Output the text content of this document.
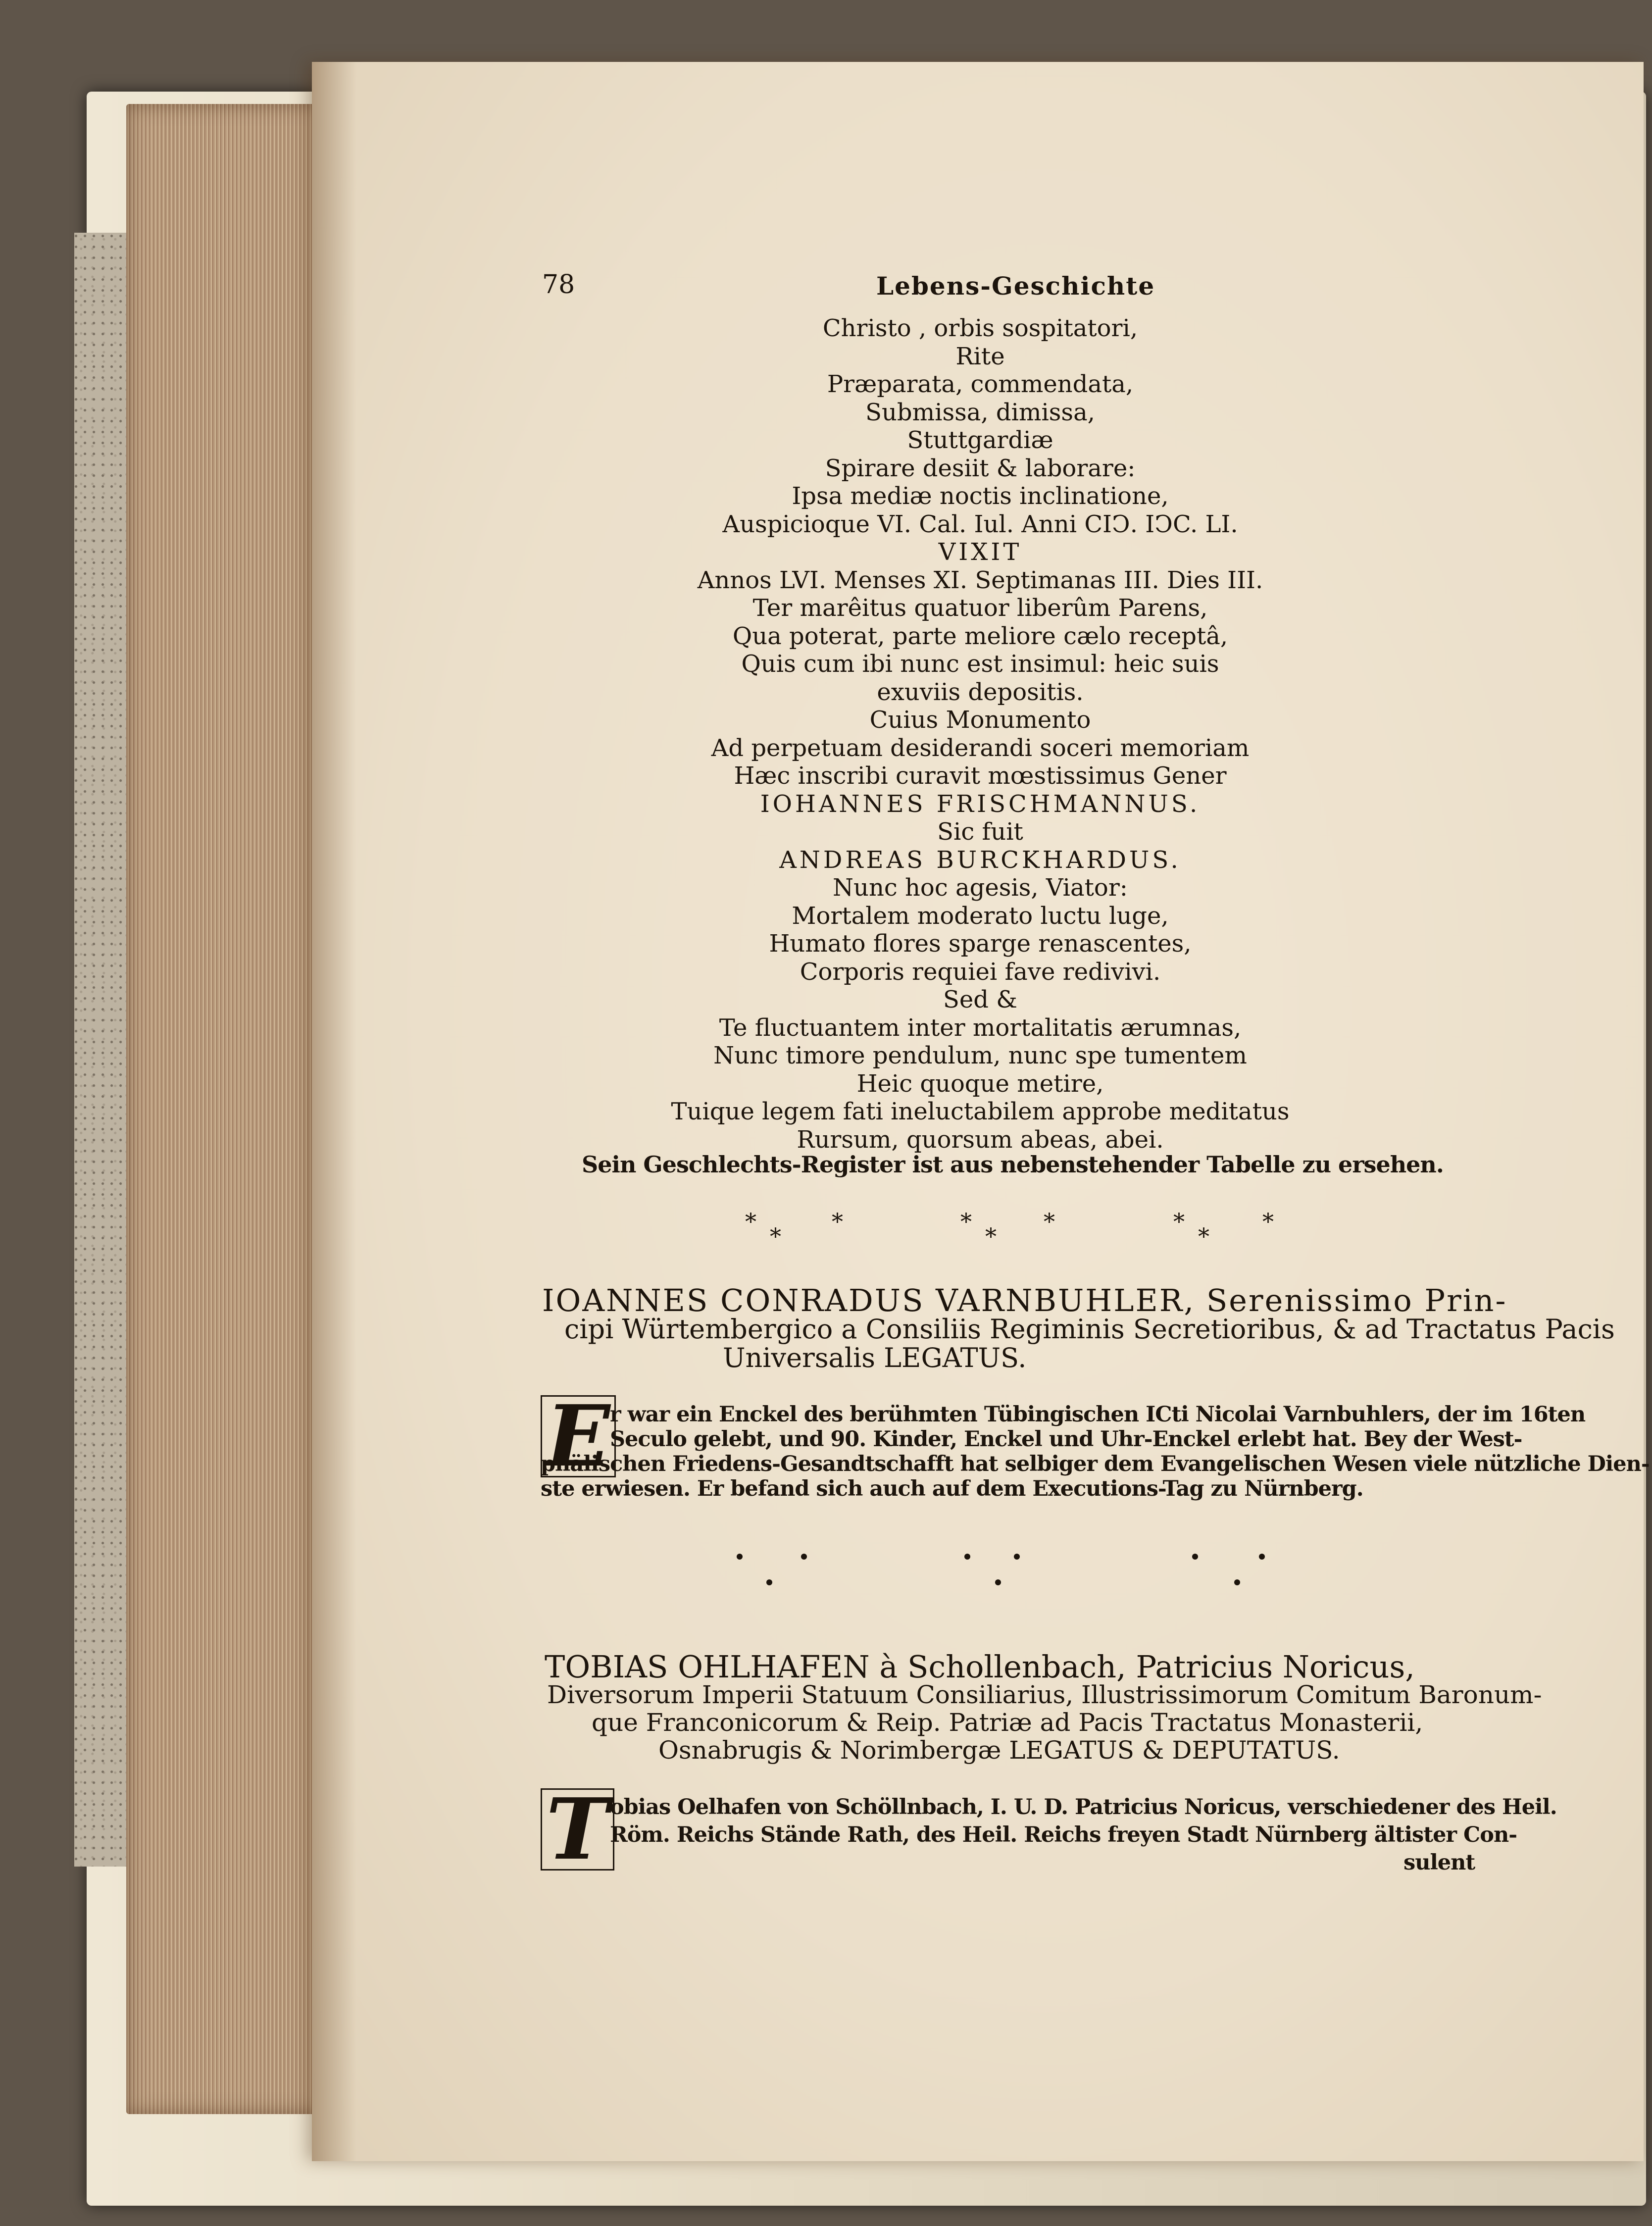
78	Lebens-Geschichte
Christo , orbis sospitatori,
Rite
Præparata, commendata,
Submissa, dimissa,
Stuttgardiæ
Spirare desiit & laborare:
Ipsa mediæ noctis inclinatione,
Auspicioque VI. Cal. Iul. Anni CIↃ. IↃC. LI.
VIXIT
Annos LVI. Menses XI. Septimanas III. Dies III.
Ter marêitus quatuor liberûm Parens,
Qua poterat, parte meliore cælo receptâ,
Quis cum ibi nunc est insimul: heic suis
exuviis depositis.
Cuius Monumento
Ad perpetuam desiderandi soceri memoriam
Hæc inscribi curavit mœstissimus Gener
IOHANNES FRISCHMANNUS.
Sic fuit
ANDREAS BURCKHARDUS.
Nunc hoc agesis, Viator:
Mortalem moderato luctu luge,
Humato flores sparge renascentes,
Corporis requiei fave redivivi.
Sed &
Te fluctuantem inter mortalitatis ærumnas,
Nunc timore pendulum, nunc spe tumentem
Heic quoque metire,
Tuique legem fati ineluctabilem approbe meditatus
Rursum, quorsum abeas, abei.
Sein Geschlechts-Register ist aus nebenstehender Tabelle zu ersehen.
*
*
*	*
*
*	*
*
*
IOANNES CONRADUS VARNBUHLER, Serenissimo Prin-
cipi Würtembergico a Consiliis Regiminis Secretioribus, & ad Tractatus Pacis
Universalis LEGATUS.
E r war ein Enckel des berühmten Tübingischen ICti Nicolai Varnbuhlers, der im 16ten
Seculo gelebt, und 90. Kinder, Enckel und Uhr-Enckel erlebt hat. Bey der West-
phälischen Friedens-Gesandtschafft hat selbiger dem Evangelischen Wesen viele nützliche Dien-
ste erwiesen. Er befand sich auch auf dem Executions-Tag zu Nürnberg.
TOBIAS OHLHAFEN à Schollenbach, Patricius Noricus,
Diversorum Imperii Statuum Consiliarius, Illustrissimorum Comitum Baronum-
que Franconicorum & Reip. Patriæ ad Pacis Tractatus Monasterii,
Osnabrugis & Norimbergæ LEGATUS & DEPUTATUS.
T obias Oelhafen von Schöllnbach, I. U. D. Patricius Noricus, verschiedener des Heil.
Röm. Reichs Stände Rath, des Heil. Reichs freyen Stadt Nürnberg ältister Con-
sulent
